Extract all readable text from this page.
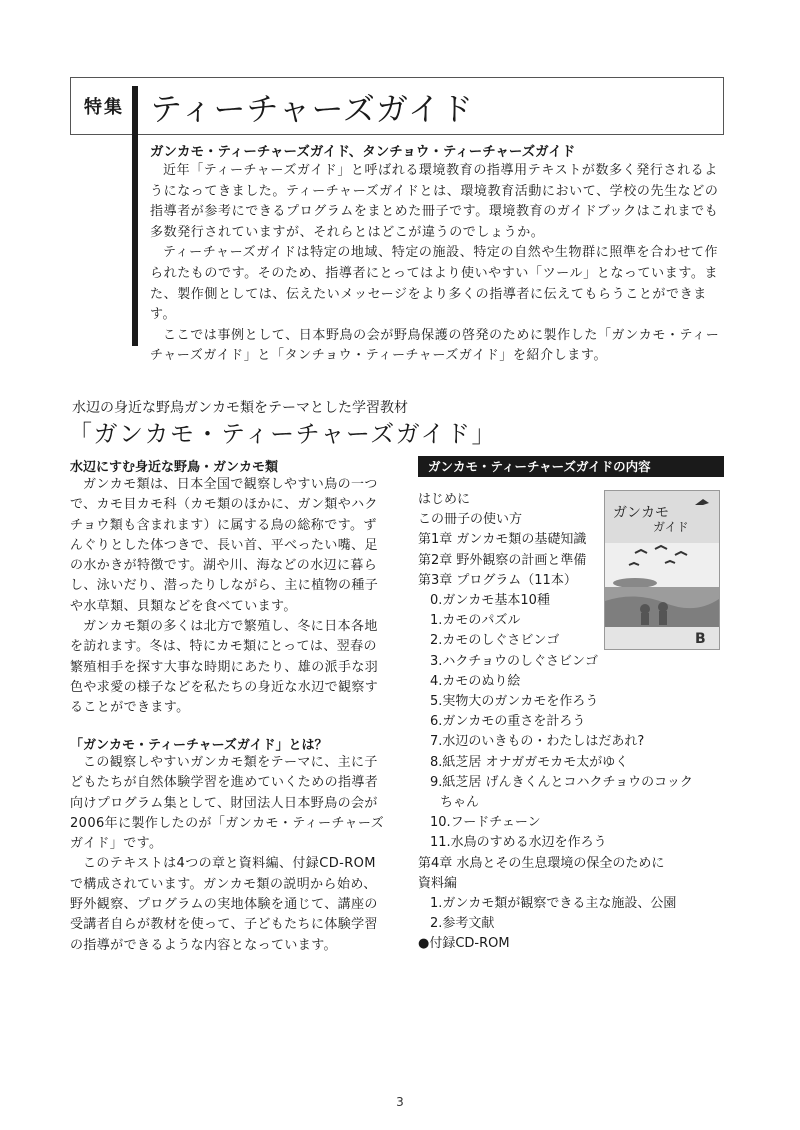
特集 ティーチャーズガイド
ガンカモ・ティーチャーズガイド、タンチョウ・ティーチャーズガイド

近年「ティーチャーズガイド」と呼ばれる環境教育の指導用テキストが数多く発行されるようになってきました。ティーチャーズガイドとは、環境教育活動において、学校の先生などの指導者が参考にできるプログラムをまとめた冊子です。環境教育のガイドブックはこれまでも多数発行されていますが、それらとはどこが違うのでしょうか。

ティーチャーズガイドは特定の地域、特定の施設、特定の自然や生物群に照準を合わせて作られたものです。そのため、指導者にとってはより使いやすい「ツール」となっています。また、製作側としては、伝えたいメッセージをより多くの指導者に伝えてもらうことができます。

ここでは事例として、日本野鳥の会が野鳥保護の啓発のために製作した「ガンカモ・ティーチャーズガイド」と「タンチョウ・ティーチャーズガイド」を紹介します。

水辺の身近な野鳥ガンカモ類をテーマとした学習教材
「ガンカモ・ティーチャーズガイド」
水辺にすむ身近な野鳥・ガンカモ類

ガンカモ類は、日本全国で観察しやすい鳥の一つで、カモ目カモ科（カモ類のほかに、ガン類やハクチョウ類も含まれます）に属する鳥の総称です。ずんぐりとした体つきで、長い首、平べったい嘴、足の水かきが特徴です。湖や川、海などの水辺に暮らし、泳いだり、潜ったりしながら、主に植物の種子や水草類、貝類などを食べています。

ガンカモ類の多くは北方で繁殖し、冬に日本各地を訪れます。冬は、特にカモ類にとっては、翌春の繁殖相手を探す大事な時期にあたり、雄の派手な羽色や求愛の様子などを私たちの身近な水辺で観察することができます。

「ガンカモ・ティーチャーズガイド」とは？

この観察しやすいガンカモ類をテーマに、主に子どもたちが自然体験学習を進めていくための指導者向けプログラム集として、財団法人日本野鳥の会が2006年に製作したのが「ガンカモ・ティーチャーズガイド」です。

このテキストは4つの章と資料編、付録CD-ROMで構成されています。ガンカモ類の説明から始め、野外観察、プログラムの実地体験を通じて、講座の受講者自らが教材を使って、子どもたちに体験学習の指導ができるような内容となっています。

ガンカモ・ティーチャーズガイドの内容
はじめに
この冊子の使い方
第1章 ガンカモ類の基礎知識
第2章 野外観察の計画と準備
第3章 プログラム（11本）
0.ガンカモ基本10種
1.カモのパズル
2.カモのしぐさビンゴ
3.ハクチョウのしぐさビンゴ
4.カモのぬり絵
5.実物大のガンカモを作ろう
6.ガンカモの重さを計ろう
7.水辺のいきもの・わたしはだあれ?
8.紙芝居 オナガガモカモ太がゆく
9.紙芝居 げんきくんとコハクチョウのコック
ちゃん
10.フードチェーン
11.水鳥のすめる水辺を作ろう
第4章 水鳥とその生息環境の保全のために
資料編
1.ガンカモ類が観察できる主な施設、公園
2.参考文献
●付録CD-ROM
ガンカモ
ガイド
B
3
